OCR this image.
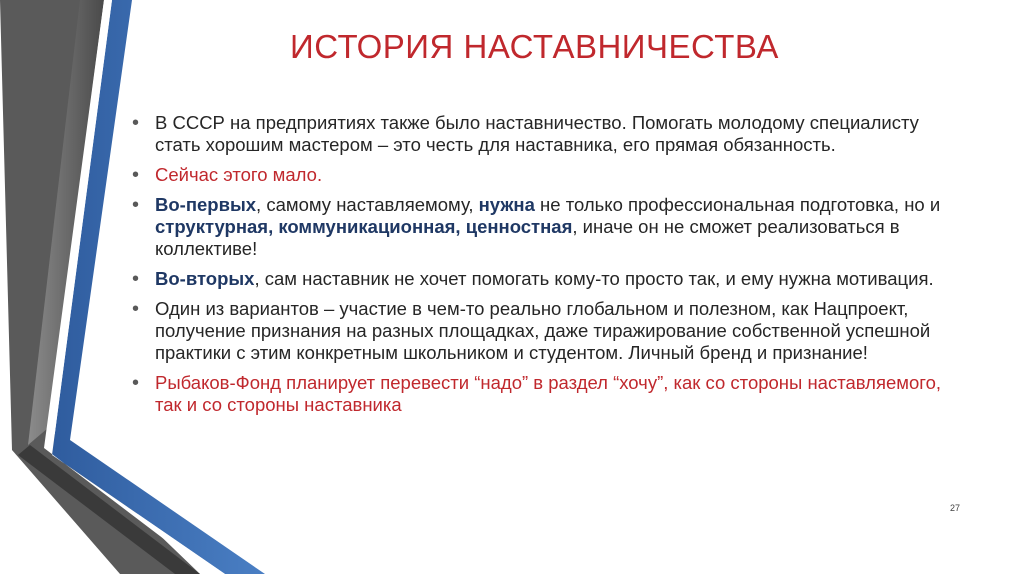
ИСТОРИЯ НАСТАВНИЧЕСТВА
• В СССР на предприятиях также было наставничество. Помогать молодому специалисту стать хорошим мастером – это честь для наставника, его прямая обязанность.
• Сейчас этого мало.
• Во-первых, самому наставляемому, нужна не только профессиональная подготовка, но и структурная, коммуникационная, ценностная, иначе он не сможет реализоваться в коллективе!
• Во-вторых, сам наставник не хочет помогать кому-то просто так, и ему нужна мотивация.
• Один из вариантов – участие в чем-то реально глобальном и полезном, как Нацпроект, получение признания на разных площадках, даже тиражирование собственной успешной практики с этим конкретным школьником и студентом. Личный бренд и признание!
• Рыбаков-Фонд планирует перевести “надо” в раздел “хочу”, как со стороны наставляемого, так и со стороны наставника
27
